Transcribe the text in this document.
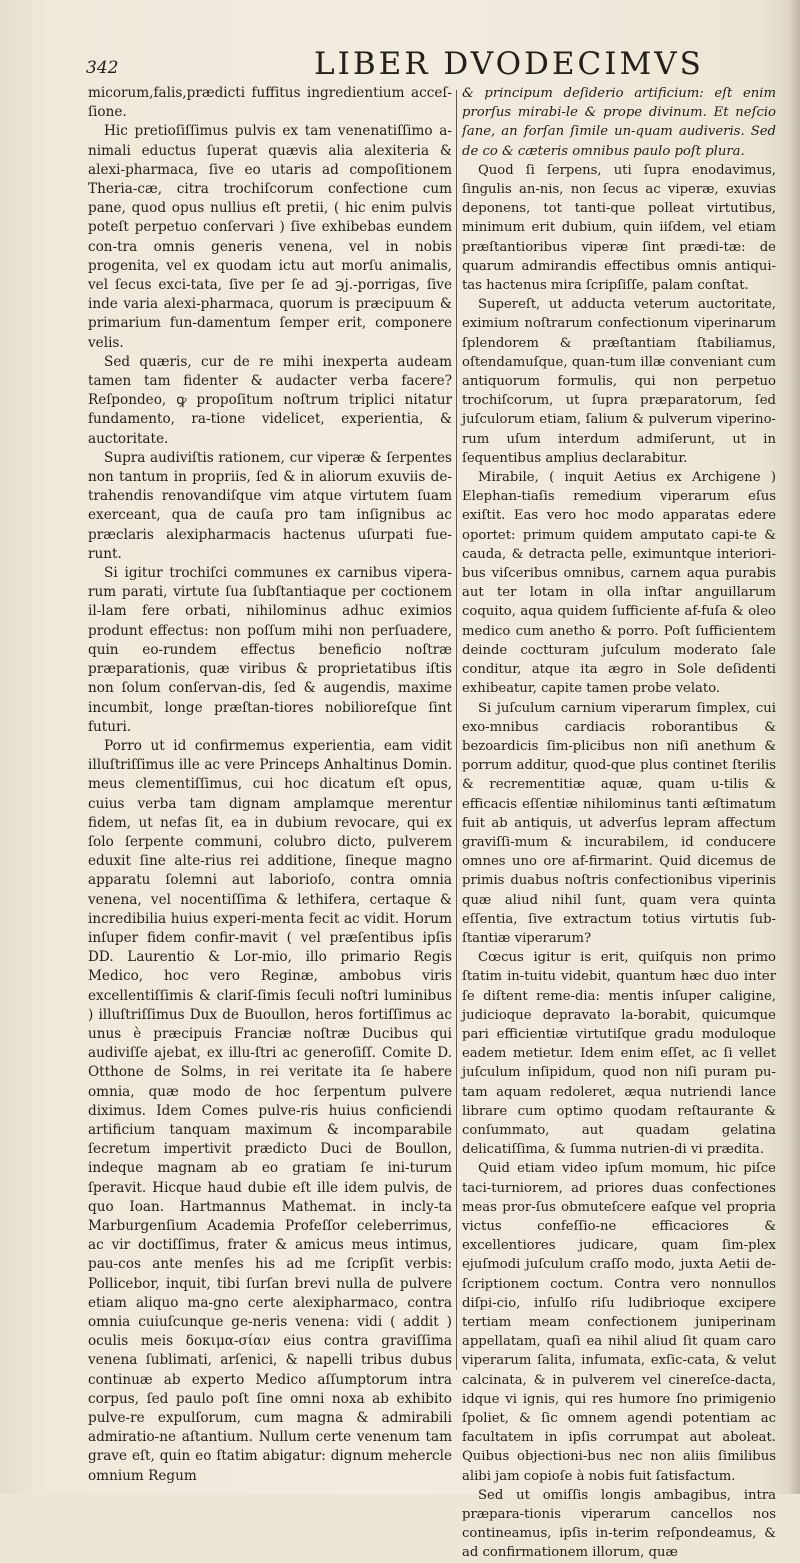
342	LIBER DVODECIMVS

micorum,falis,prædicti fuffitus ingredientium acceſ-ſione.

Hic pretioſiſſimus pulvis ex tam venenatiſſimo a-nimali eductus ſuperat quævis alia alexiteria & alexi-pharmaca, ſive eo utaris ad compoſitionem Theria-cæ, citra trochiſcorum confectione cum pane, quod opus nullius eſt pretii, ( hic enim pulvis poteſt perpetuo conſervari ) ſive exhibebas eundem con-tra omnis generis venena, vel in nobis progenita, vel ex quodam ictu aut morſu animalis, vel ſecus exci-tata, ſive per ſe ad ℈j.-porrigas, ſive inde varia alexi-pharmaca, quorum is præcipuum & primarium fun-damentum ſemper erit, componere velis.

Sed quæris, cur de re mihi inexperta audeam tamen tam fidenter & audacter verba facere? Reſpondeo, ꝙ propoſitum noſtrum triplici nitatur fundamento, ra-tione videlicet, experientia, & auctoritate.

Supra audiviſtis rationem, cur viperæ & ſerpentes non tantum in propriis, ſed & in aliorum exuviis de-trahendis renovandiſque vim atque virtutem ſuam exerceant, qua de cauſa pro tam inſignibus ac præclaris alexipharmacis hactenus uſurpati fue-runt.

Si igitur trochiſci communes ex carnibus vipera-rum parati, virtute ſua ſubſtantiaque per coctionem il-lam fere orbati, nihilominus adhuc eximios produnt effectus: non poſſum mihi non perſuadere, quin eo-rundem effectus beneficio noſtræ præparationis, quæ viribus & proprietatibus iſtis non ſolum conſervan-dis, ſed & augendis, maxime incumbit, longe præſtan-tiores nobilioreſque ſint futuri.

Porro ut id confirmemus experientia, eam vidit illuſtriſſimus ille ac vere Princeps Anhaltinus Domin. meus clementiſſimus, cui hoc dicatum eſt opus, cuius verba tam dignam amplamque merentur fidem, ut nefas ſit, ea in dubium revocare, qui ex ſolo ſerpente communi, colubro dicto, pulverem eduxit ſine alte-rius rei additione, ſineque magno apparatu ſolemni aut laborioſo, contra omnia venena, vel nocentiſſima & lethifera, certaque & incredibilia huius experi-menta fecit ac vidit. Horum inſuper fidem confir-mavit ( vel præſentibus ipſis DD. Laurentio & Lor-mio, illo primario Regis Medico, hoc vero Reginæ, ambobus viris excellentiſſimis & clariſ-ſimis ſeculi noſtri luminibus ) illuſtriſſimus Dux de Buoullon, heros fortiſſimus ac unus è præcipuis Franciæ noſtræ Ducibus qui audiviſſe ajebat, ex illu-ſtri ac generoſiſſ. Comite D. Otthone de Solms, in rei veritate ita ſe habere omnia, quæ modo de hoc ſerpentum pulvere diximus. Idem Comes pulve-ris huius conficiendi artificium tanquam maximum & incomparabile ſecretum impertivit prædicto Duci de Boullon, indeque magnam ab eo gratiam ſe ini-turum ſperavit. Hicque haud dubie eſt ille idem pulvis, de quo Ioan. Hartmannus Mathemat. in incly-ta Marburgenſium Academia Profeſſor celeberrimus, ac vir doctiſſimus, frater & amicus meus intimus, pau-cos ante menſes his ad me ſcripſit verbis: Pollicebor, inquit, tibi ſurſan brevi nulla de pulvere etiam aliquo ma-gno certe alexipharmaco, contra omnia cuiuſcunque ge-neris venena: vidi ( addit ) oculis meis δοκιμα-σίαν eius contra graviſſima venena ſublimati, arſenici, & napelli tribus dubus continuæ ab experto Medico aſſumptorum intra corpus, ſed paulo poſt ſine omni noxa ab exhibito pulve-re expulſorum, cum magna & admirabili admiratio-ne aſtantium. Nullum certe venenum tam grave eſt, quin eo ſtatim abigatur: dignum mehercle omnium Regum

& principum deſiderio artificium: eſt enim prorſus mirabi-le & prope divinum. Et neſcio ſane, an forſan ſimile un-quam audiveris. Sed de co & cæteris omnibus paulo poſt plura.

Quod ſi ſerpens, uti ſupra enodavimus, ſingulis an-nis, non ſecus ac viperæ, exuvias deponens, tot tanti-que polleat virtutibus, minimum erit dubium, quin iiſdem, vel etiam præſtantioribus viperæ ſint prædi-tæ: de quarum admirandis effectibus omnis antiqui-tas hactenus mira ſcripſiſſe, palam conſtat.

Supereſt, ut adducta veterum auctoritate, eximium noſtrarum confectionum viperinarum ſplendorem & præſtantiam ſtabiliamus, oſtendamuſque, quan-tum illæ conveniant cum antiquorum formulis, qui non perpetuo trochiſcorum, ut ſupra præparatorum, ſed juſculorum etiam, ſalium & pulverum viperino-rum uſum interdum admiſerunt, ut in ſequentibus amplius declarabitur.

Mirabile, ( inquit Aetius ex Archigene ) Elephan-tiaſis remedium viperarum eſus exiſtit. Eas vero hoc modo apparatas edere oportet: primum quidem amputato capi-te & cauda, & detracta pelle, eximuntque interiori-bus viſceribus omnibus, carnem aqua purabis aut ter lotam in olla inſtar anguillarum coquito, aqua quidem ſufficiente af-fuſa & oleo medico cum anetho & porro. Poſt ſufficientem deinde coctturam juſculum moderato ſale conditur, atque ita ægro in Sole deſidenti exhibeatur, capite tamen probe velato.

Si juſculum carnium viperarum ſimplex, cui exo-mnibus cardiacis roborantibus & bezoardicis ſim-plicibus non niſi anethum & porrum additur, quod-que plus continet ſterilis & recrementitiæ aquæ, quam u-tilis & efficacis eſſentiæ nihilominus tanti æſtimatum fuit ab antiquis, ut adverſus lepram affectum graviſſi-mum & incurabilem, id conducere omnes uno ore af-firmarint. Quid dicemus de primis duabus noſtris confectionibus viperinis quæ aliud nihil ſunt, quam vera quinta eſſentia, ſive extractum totius virtutis ſub-ſtantiæ viperarum?

Cœcus igitur is erit, quiſquis non primo ſtatim in-tuitu videbit, quantum hæc duo inter ſe diſtent reme-dia: mentis inſuper caligine, judicioque depravato la-borabit, quicumque pari efficientiæ virtutiſque gradu moduloque eadem metietur. Idem enim eſſet, ac ſi vellet juſculum inſipidum, quod non niſi puram pu-tam aquam redoleret, æqua nutriendi lance librare cum optimo quodam reſtaurante & conſummato, aut quadam gelatina delicatiſſima, & ſumma nutrien-di vi prædita.

Quid etiam video ipſum momum, hic piſce taci-turniorem, ad priores duas confectiones meas pror-ſus obmuteſcere eaſque vel propria victus confeſſio-ne efficaciores & excellentiores judicare, quam ſim-plex ejuſmodi juſculum craſſo modo, juxta Aetii de-ſcriptionem coctum. Contra vero nonnullos diſpi-cio, inſulſo riſu ludibrioque excipere tertiam meam confectionem juniperinam appellatam, quaſi ea nihil aliud ſit quam caro viperarum ſalita, infumata, exſic-cata, & velut calcinata, & in pulverem vel cinereſce-dacta, idque vi ignis, qui res humore ſno primigenio ſpoliet, & ſic omnem agendi potentiam ac facultatem in ipſis corrumpat aut aboleat. Quibus objectioni-bus nec non aliis ſimilibus alibi jam copioſe à nobis fuit ſatisfactum.

Sed ut omiſſis longis ambagibus, intra præpara-tionis viperarum cancellos nos contineamus, ipſis in-terim reſpondeamus, & ad confirmationem illorum, quæ
